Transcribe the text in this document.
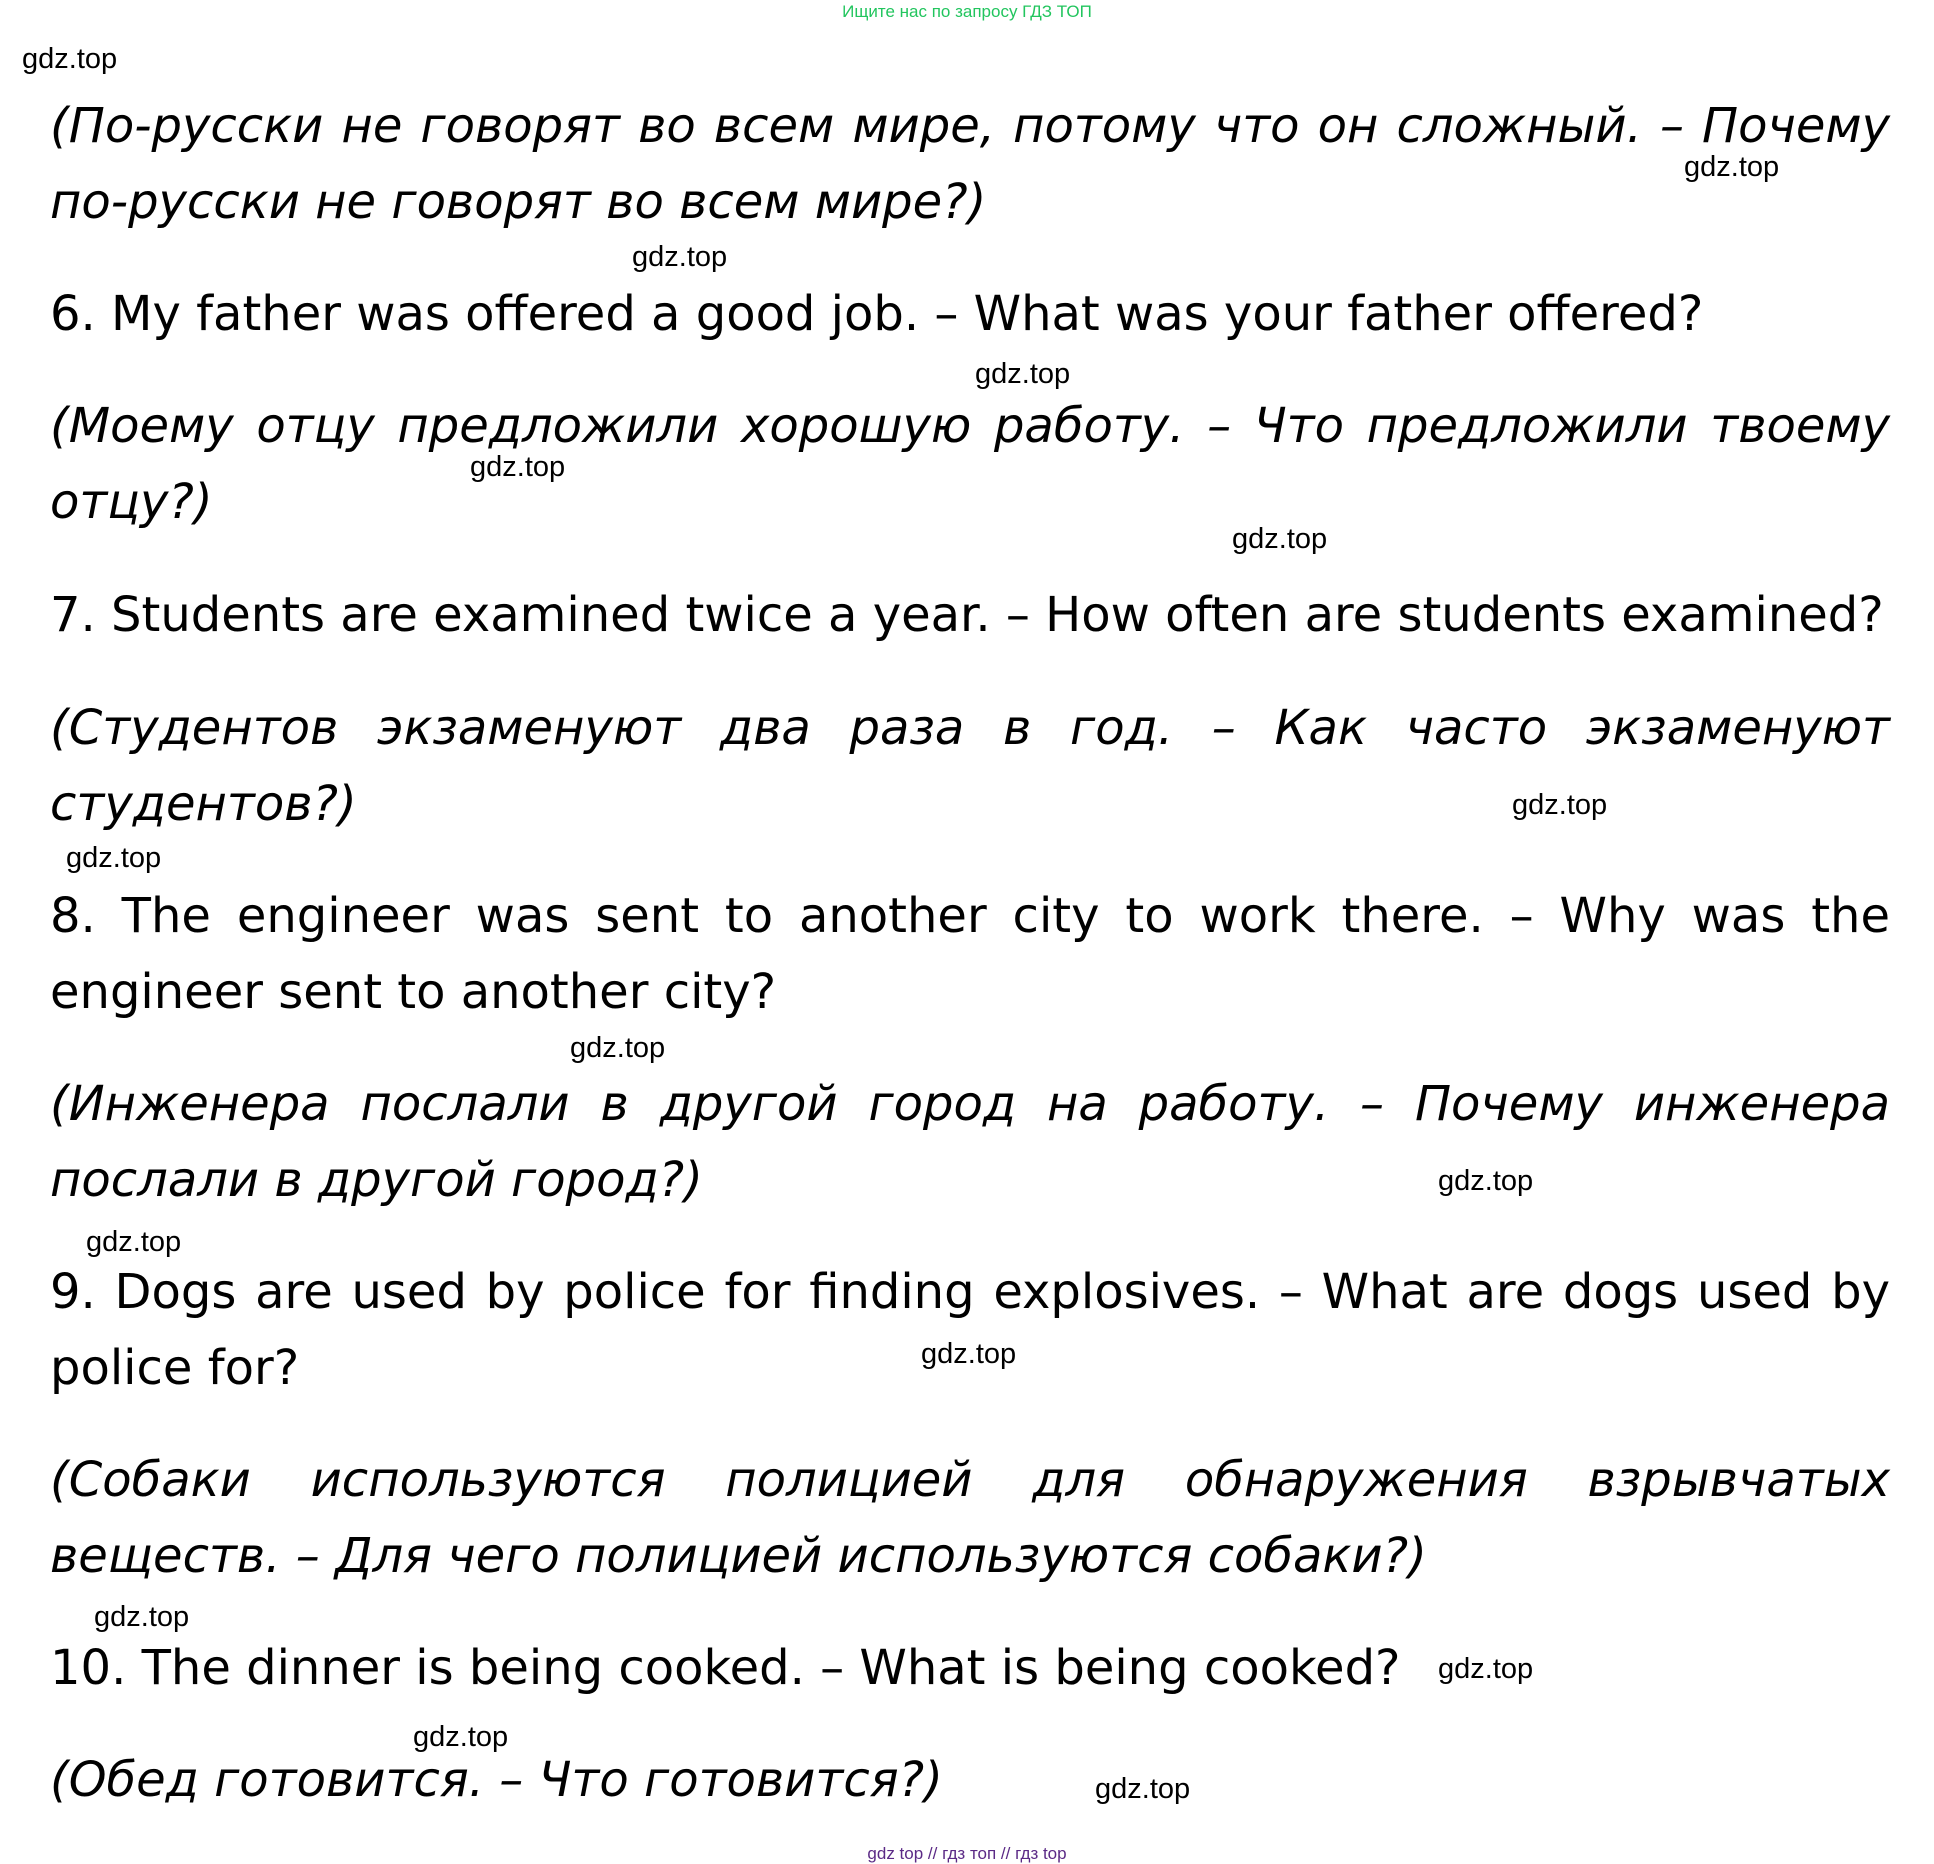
Ищите нас по запросу ГДЗ ТОП
(По-русски не говорят во всем мире, потому что он сложный. – Почему
по-русски не говорят во всем мире?)
6. My father was offered a good job. – What was your father offered?
(Моему отцу предложили хорошую работу. – Что предложили твоему
отцу?)
7. Students are examined twice a year. – How often are students examined?
(Студентов экзаменуют два раза в год. – Как часто экзаменуют
студентов?)
8. The engineer was sent to another city to work there. – Why was the
engineer sent to another city?
(Инженера послали в другой город на работу. – Почему инженера
послали в другой город?)
9. Dogs are used by police for finding explosives. – What are dogs used by
police for?
(Собаки используются полицией для обнаружения взрывчатых
веществ. – Для чего полицией используются собаки?)
10. The dinner is being cooked. – What is being cooked?
(Обед готовится. – Что готовится?)
gdz.top
gdz.top
gdz.top
gdz.top
gdz.top
gdz.top
gdz.top
gdz.top
gdz.top
gdz.top
gdz.top
gdz.top
gdz.top
gdz.top
gdz.top
gdz.top
gdz top // гдз топ // гдз top
